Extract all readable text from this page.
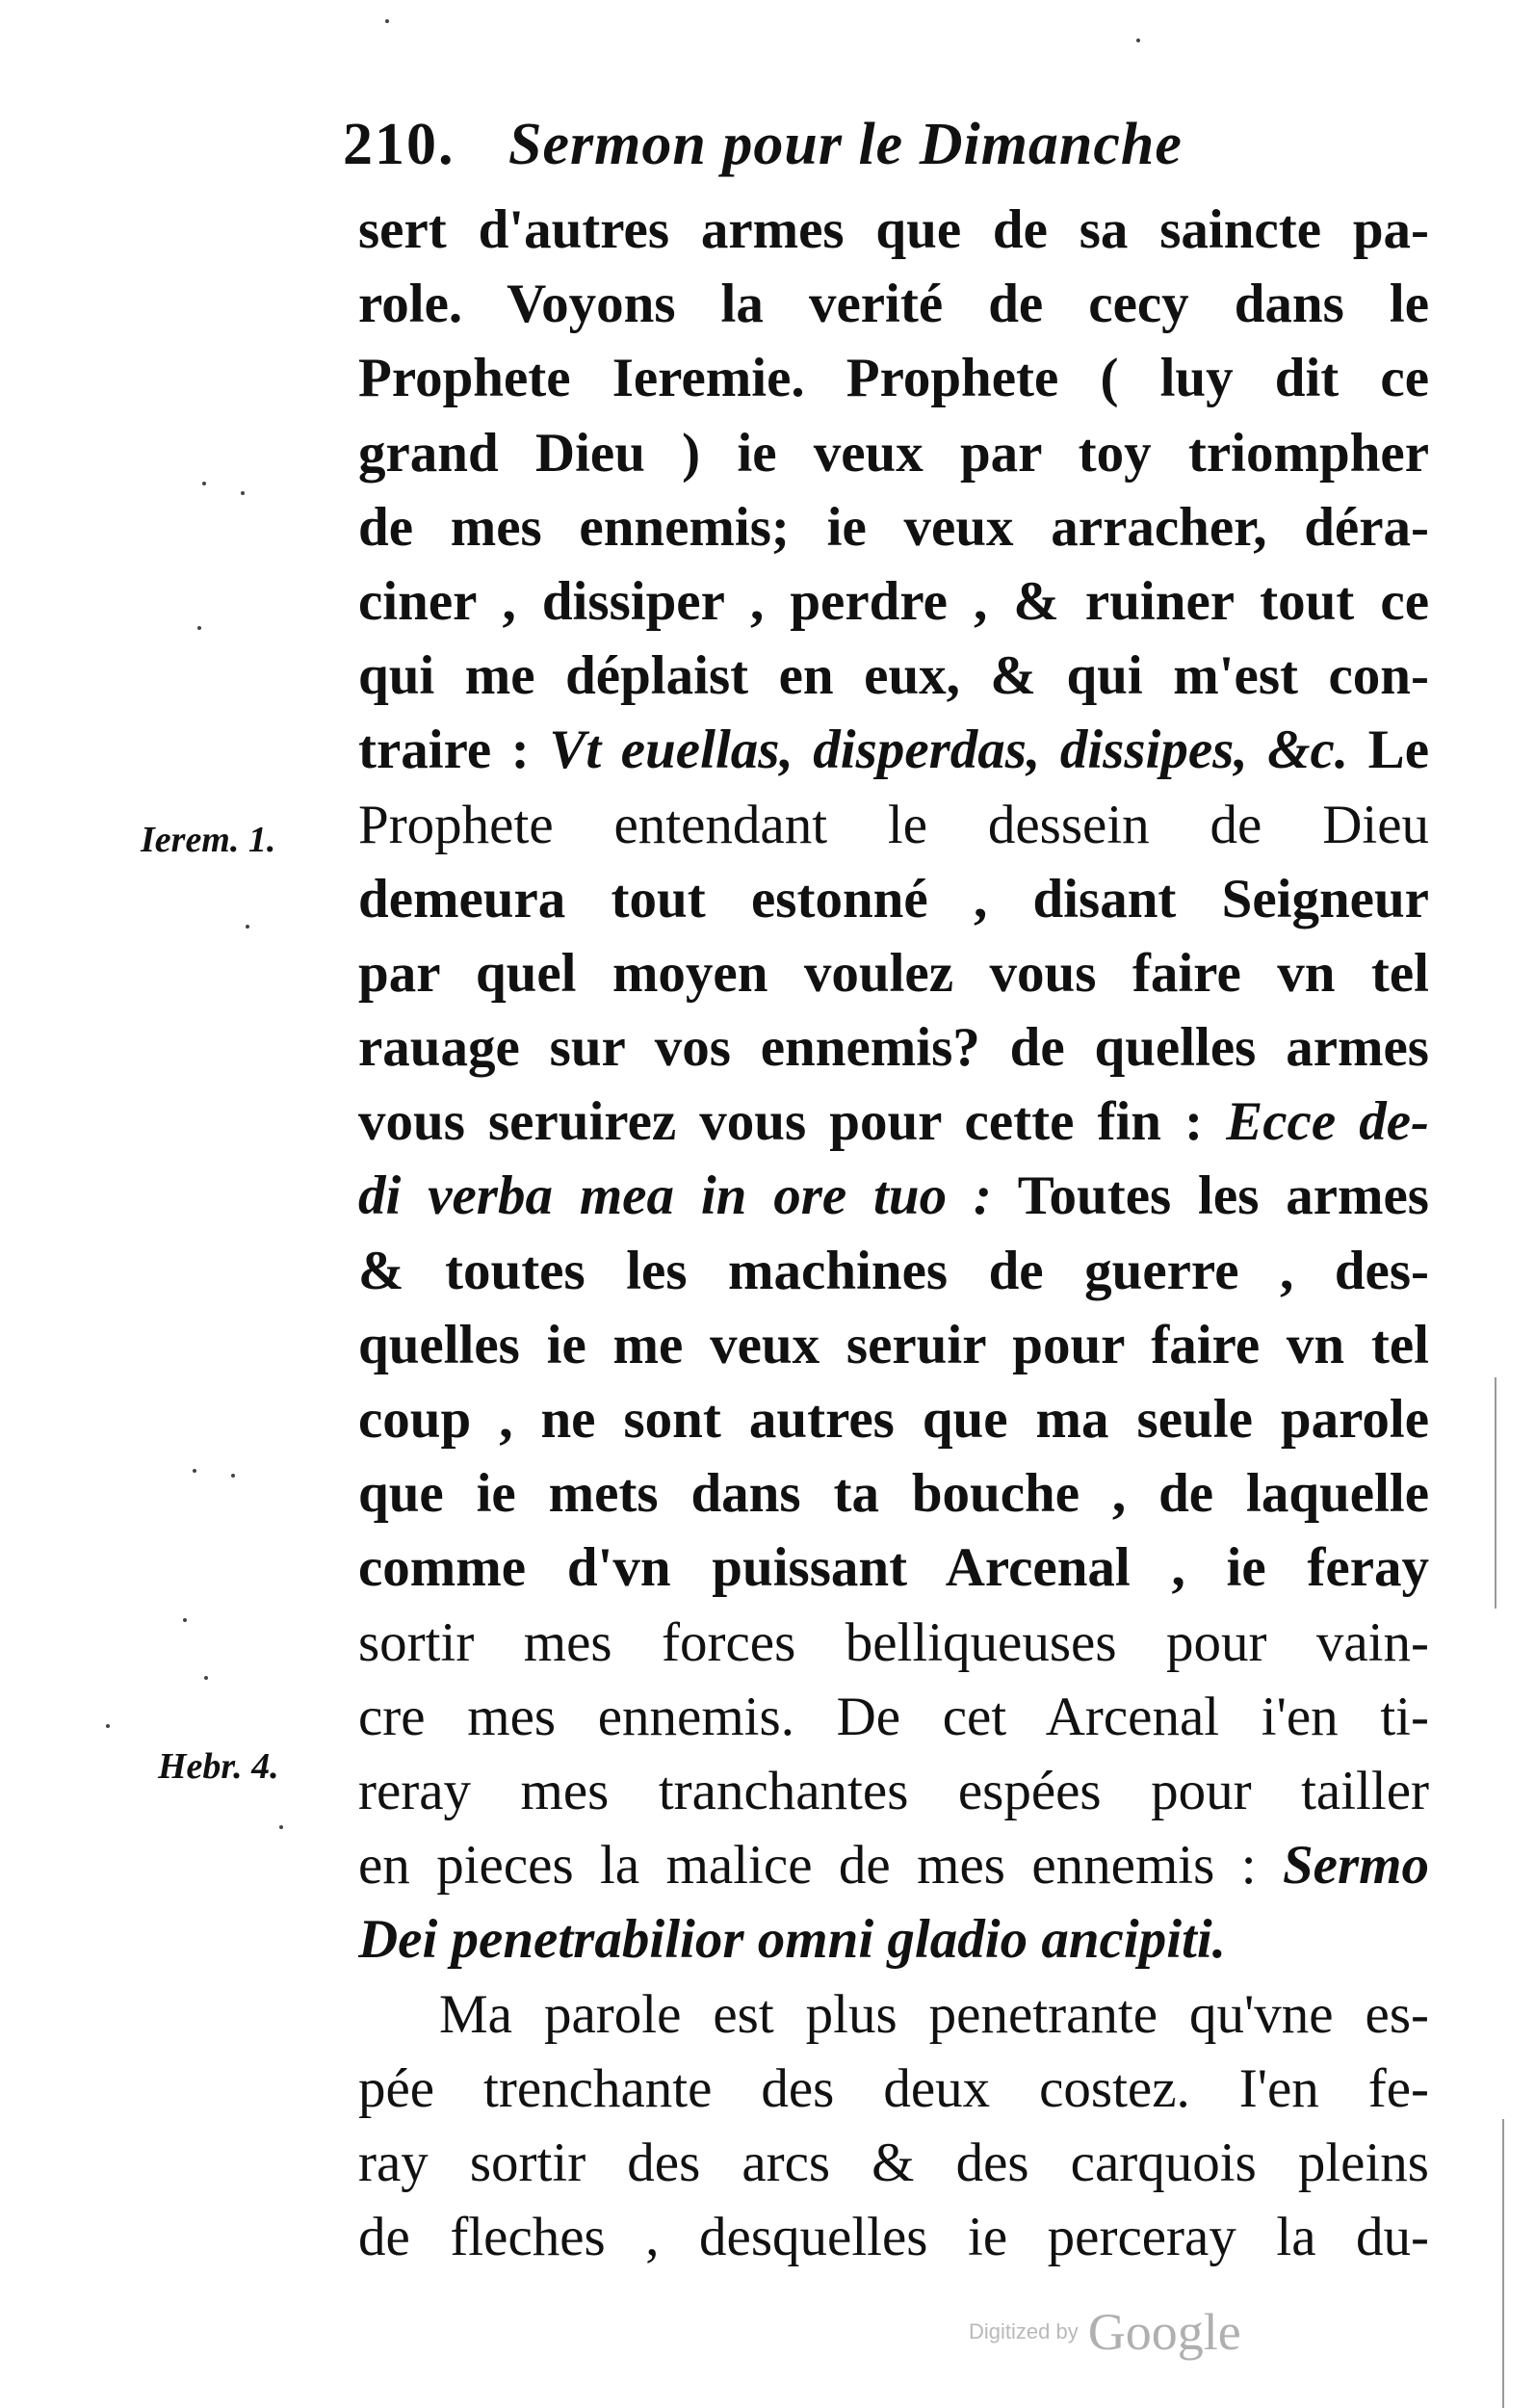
210. Sermon pour le Dimanche
Ierem. 1.
Hebr. 4.
sert d'autres armes que de sa saincte pa-
role. Voyons la verité de cecy dans le
Prophete Ieremie. Prophete ( luy dit ce
grand Dieu ) ie veux par toy triompher
de mes ennemis; ie veux arracher, déra-
ciner , dissiper , perdre , & ruiner tout ce
qui me déplaist en eux, & qui m'est con-
traire : Vt euellas, disperdas, dissipes, &c. Le
Prophete entendant le dessein de Dieu
demeura tout estonné , disant Seigneur
par quel moyen voulez vous faire vn tel
rauage sur vos ennemis? de quelles armes
vous seruirez vous pour cette fin : Ecce de-
di verba mea in ore tuo : Toutes les armes
& toutes les machines de guerre , des-
quelles ie me veux seruir pour faire vn tel
coup , ne sont autres que ma seule parole
que ie mets dans ta bouche , de laquelle
comme d'vn puissant Arcenal , ie feray
sortir mes forces belliqueuses pour vain-
cre mes ennemis. De cet Arcenal i'en ti-
reray mes tranchantes espées pour tailler
en pieces la malice de mes ennemis : Sermo
Dei penetrabilior omni gladio ancipiti.
Ma parole est plus penetrante qu'vne es-
pée trenchante des deux costez. I'en fe-
ray sortir des arcs & des carquois pleins
de fleches , desquelles ie perceray la du-
Digitized by Google
